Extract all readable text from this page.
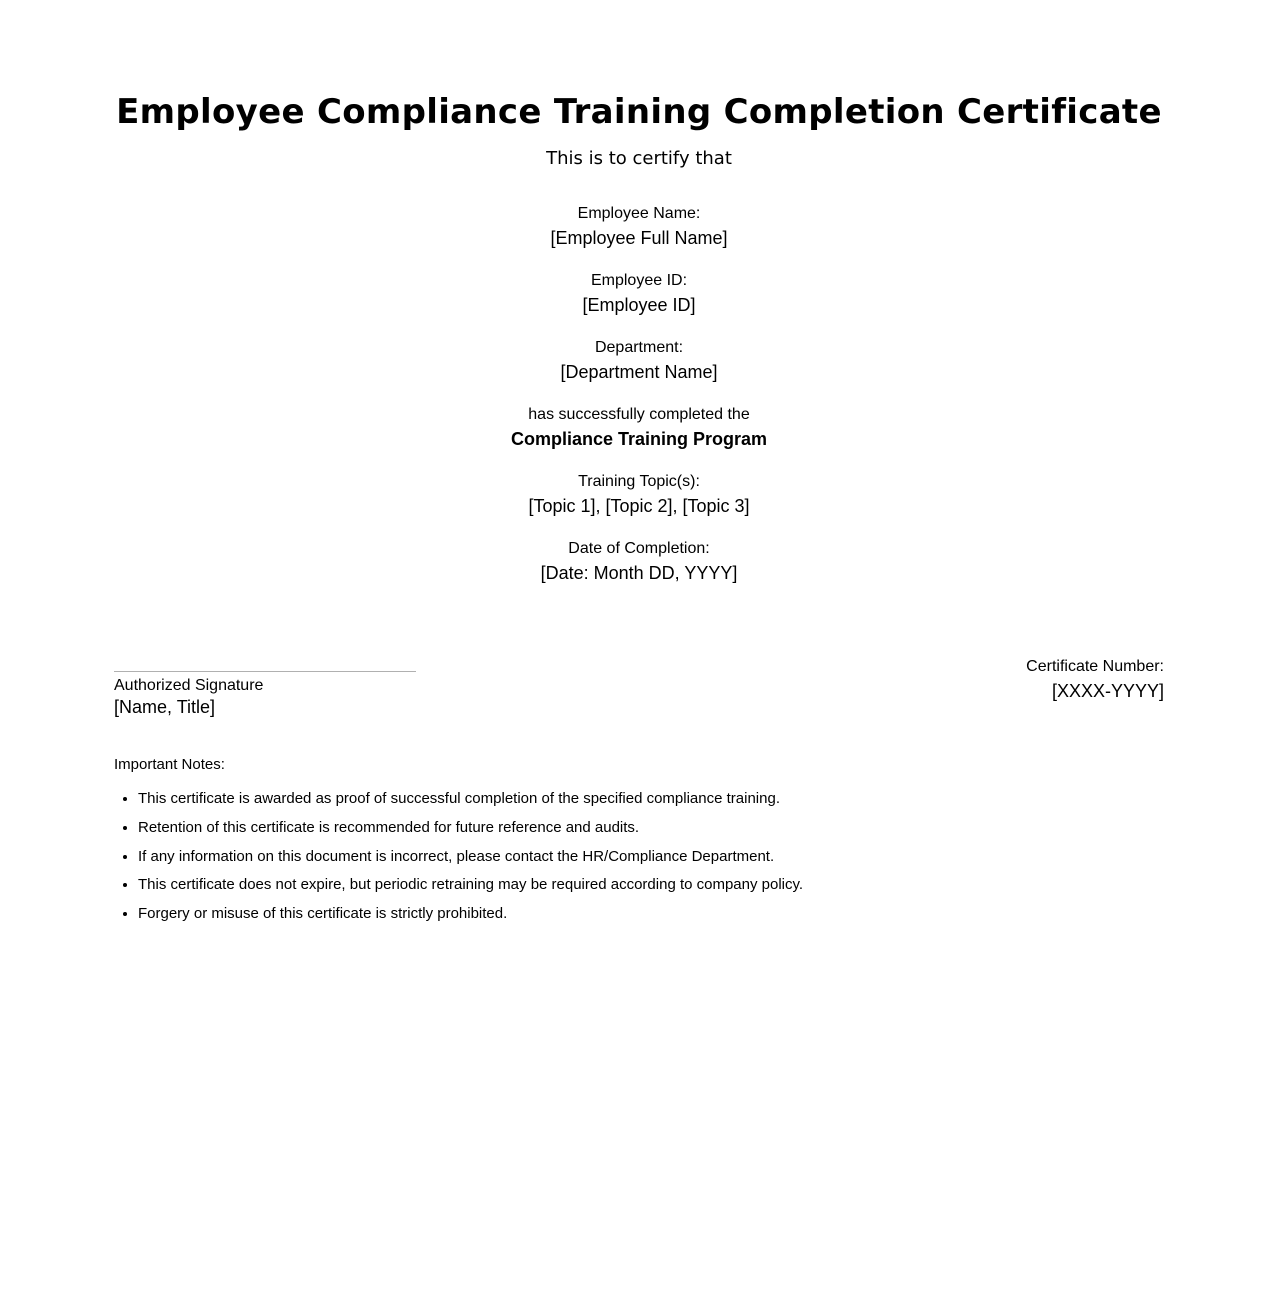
Employee Compliance Training Completion Certificate
This is to certify that
Employee Name:
[Employee Full Name]
Employee ID:
[Employee ID]
Department:
[Department Name]
has successfully completed the
Compliance Training Program
Training Topic(s):
[Topic 1], [Topic 2], [Topic 3]
Date of Completion:
[Date: Month DD, YYYY]
Authorized Signature
[Name, Title]
Certificate Number:
[XXXX-YYYY]
Important Notes:
• This certificate is awarded as proof of successful completion of the specified compliance training.
• Retention of this certificate is recommended for future reference and audits.
• If any information on this document is incorrect, please contact the HR/Compliance Department.
• This certificate does not expire, but periodic retraining may be required according to company policy.
• Forgery or misuse of this certificate is strictly prohibited.
